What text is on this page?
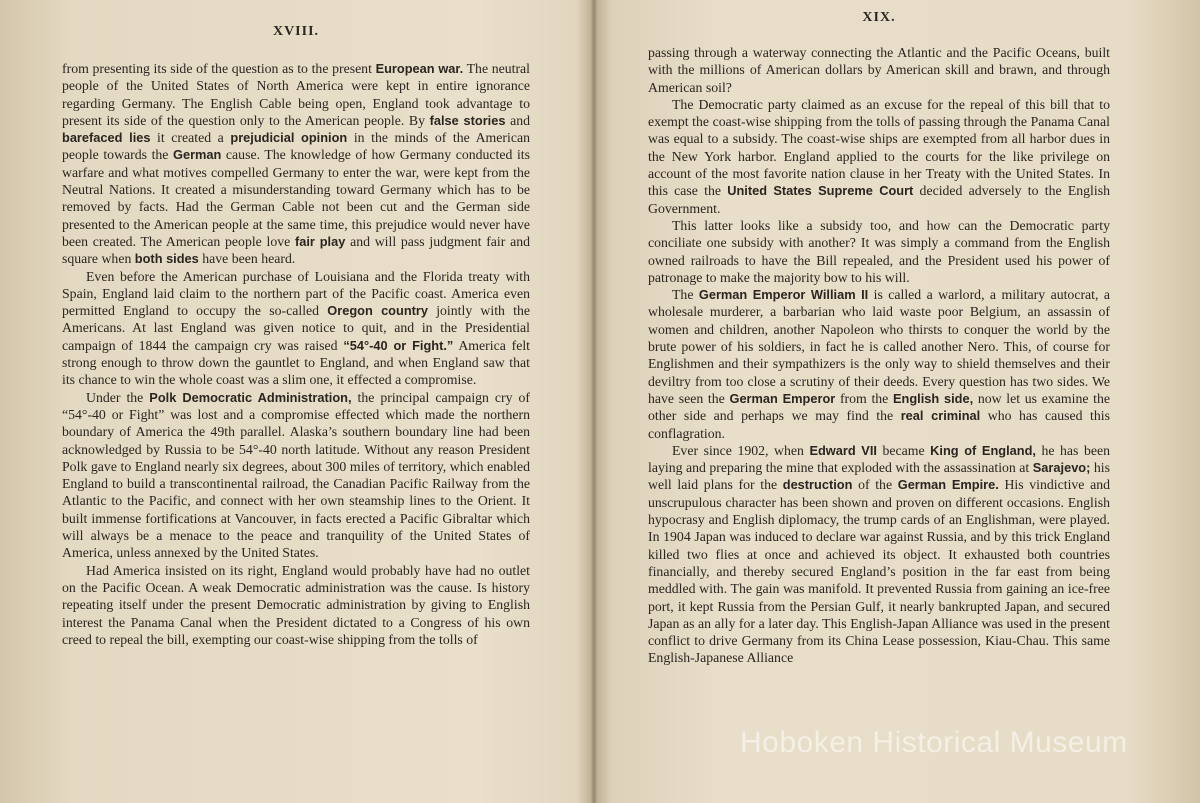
XVIII.

from presenting its side of the question as to the present European war. The neutral people of the United States of North America were kept in entire ignorance regarding Germany. The English Cable being open, England took advantage to present its side of the question only to the American people. By false stories and barefaced lies it created a prejudicial opinion in the minds of the American people towards the German cause. The knowledge of how Germany conducted its warfare and what motives compelled Germany to enter the war, were kept from the Neutral Nations. It created a misunderstanding toward Germany which has to be removed by facts. Had the German Cable not been cut and the German side presented to the American people at the same time, this prejudice would never have been created. The American people love fair play and will pass judgment fair and square when both sides have been heard.

Even before the American purchase of Louisiana and the Florida treaty with Spain, England laid claim to the northern part of the Pacific coast. America even permitted England to occupy the so-called Oregon country jointly with the Americans. At last England was given notice to quit, and in the Presidential campaign of 1844 the campaign cry was raised “54°-40 or Fight.” America felt strong enough to throw down the gauntlet to England, and when England saw that its chance to win the whole coast was a slim one, it effected a compromise.

Under the Polk Democratic Administration, the principal campaign cry of “54°-40 or Fight” was lost and a compromise effected which made the northern boundary of America the 49th parallel. Alaska’s southern boundary line had been acknowledged by Russia to be 54°-40 north latitude. Without any reason President Polk gave to England nearly six degrees, about 300 miles of territory, which enabled England to build a transcontinental railroad, the Canadian Pacific Railway from the Atlantic to the Pacific, and connect with her own steamship lines to the Orient. It built immense fortifications at Vancouver, in facts erected a Pacific Gibraltar which will always be a menace to the peace and tranquility of the United States of America, unless annexed by the United States.

Had America insisted on its right, England would probably have had no outlet on the Pacific Ocean. A weak Democratic administration was the cause. Is history repeating itself under the present Democratic administration by giving to English interest the Panama Canal when the President dictated to a Congress of his own creed to repeal the bill, exempting our coast-wise shipping from the tolls of

XIX.

passing through a waterway connecting the Atlantic and the Pacific Oceans, built with the millions of American dollars by American skill and brawn, and through American soil?

The Democratic party claimed as an excuse for the repeal of this bill that to exempt the coast-wise shipping from the tolls of passing through the Panama Canal was equal to a subsidy. The coast-wise ships are exempted from all harbor dues in the New York harbor. England applied to the courts for the like privilege on account of the most favorite nation clause in her Treaty with the United States. In this case the United States Supreme Court decided adversely to the English Government.

This latter looks like a subsidy too, and how can the Democratic party conciliate one subsidy with another? It was simply a command from the English owned railroads to have the Bill repealed, and the President used his power of patronage to make the majority bow to his will.

The German Emperor William II is called a warlord, a military autocrat, a wholesale murderer, a barbarian who laid waste poor Belgium, an assassin of women and children, another Napoleon who thirsts to conquer the world by the brute power of his soldiers, in fact he is called another Nero. This, of course for Englishmen and their sympathizers is the only way to shield themselves and their deviltry from too close a scrutiny of their deeds. Every question has two sides. We have seen the German Emperor from the English side, now let us examine the other side and perhaps we may find the real criminal who has caused this conflagration.

Ever since 1902, when Edward VII became King of England, he has been laying and preparing the mine that exploded with the assassination at Sarajevo; his well laid plans for the destruction of the German Empire. His vindictive and unscrupulous character has been shown and proven on different occasions. English hypocrasy and English diplomacy, the trump cards of an Englishman, were played. In 1904 Japan was induced to declare war against Russia, and by this trick England killed two flies at once and achieved its object. It exhausted both countries financially, and thereby secured England’s position in the far east from being meddled with. The gain was manifold. It prevented Russia from gaining an ice-free port, it kept Russia from the Persian Gulf, it nearly bankrupted Japan, and secured Japan as an ally for a later day. This English-Japan Alliance was used in the present conflict to drive Germany from its China Lease possession, Kiau-Chau. This same English-Japanese Alliance

Hoboken Historical Museum
